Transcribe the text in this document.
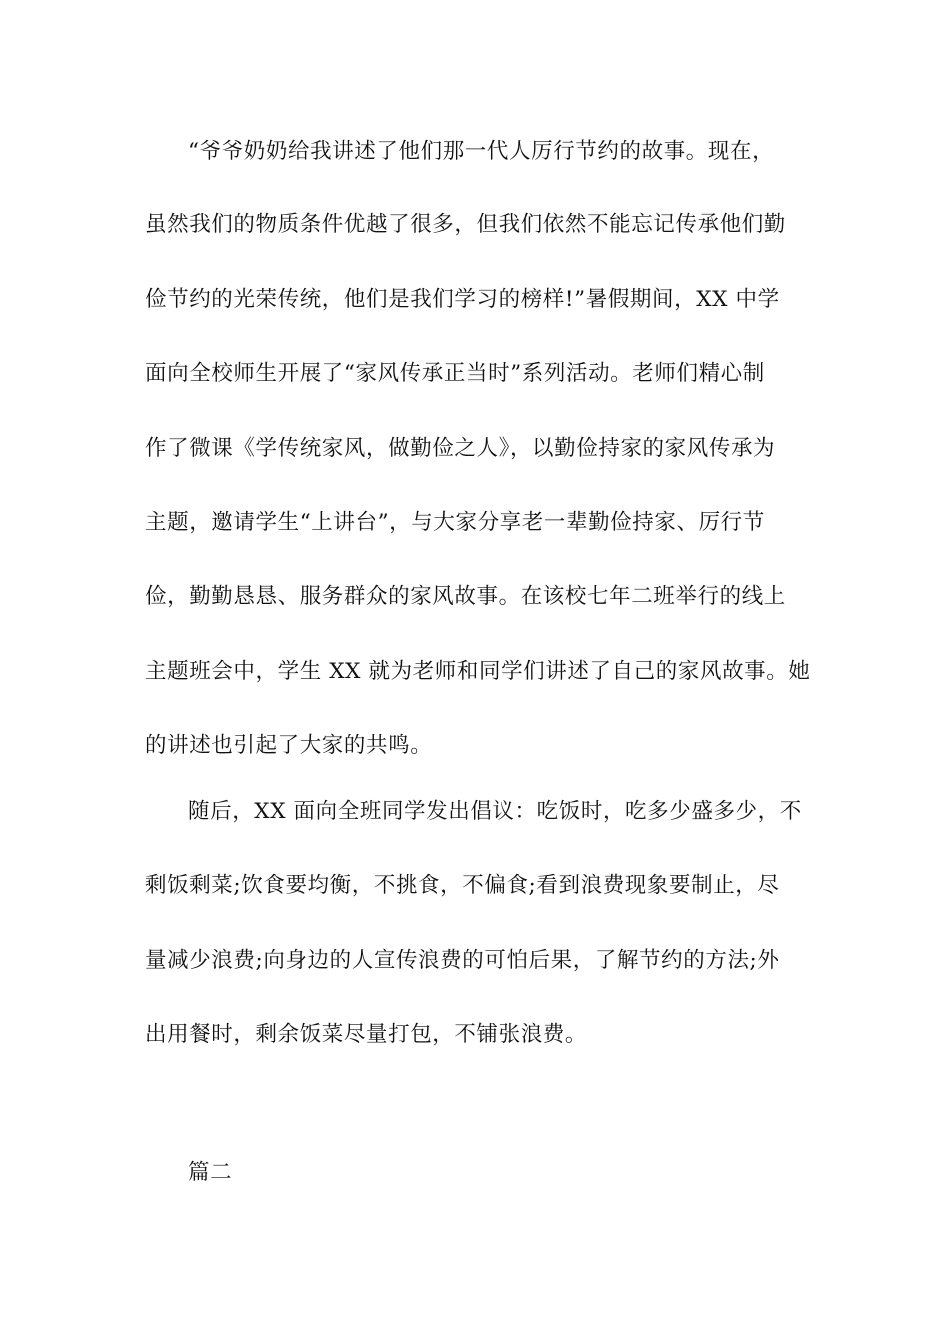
“爷爷奶奶给我讲述了他们那一代人厉行节约的故事。现在，
虽然我们的物质条件优越了很多，但我们依然不能忘记传承他们勤
俭节约的光荣传统，他们是我们学习的榜样!”暑假期间，XX 中学
面向全校师生开展了“家风传承正当时”系列活动。老师们精心制
作了微课《学传统家风，做勤俭之人》，以勤俭持家的家风传承为
主题，邀请学生“上讲台”，与大家分享老一辈勤俭持家、厉行节
俭，勤勤恳恳、服务群众的家风故事。在该校七年二班举行的线上
主题班会中，学生 XX 就为老师和同学们讲述了自己的家风故事。她
的讲述也引起了大家的共鸣。
随后，XX 面向全班同学发出倡议：吃饭时，吃多少盛多少，不
剩饭剩菜;饮食要均衡，不挑食，不偏食;看到浪费现象要制止，尽
量减少浪费;向身边的人宣传浪费的可怕后果，了解节约的方法;外
出用餐时，剩余饭菜尽量打包，不铺张浪费。
篇二
